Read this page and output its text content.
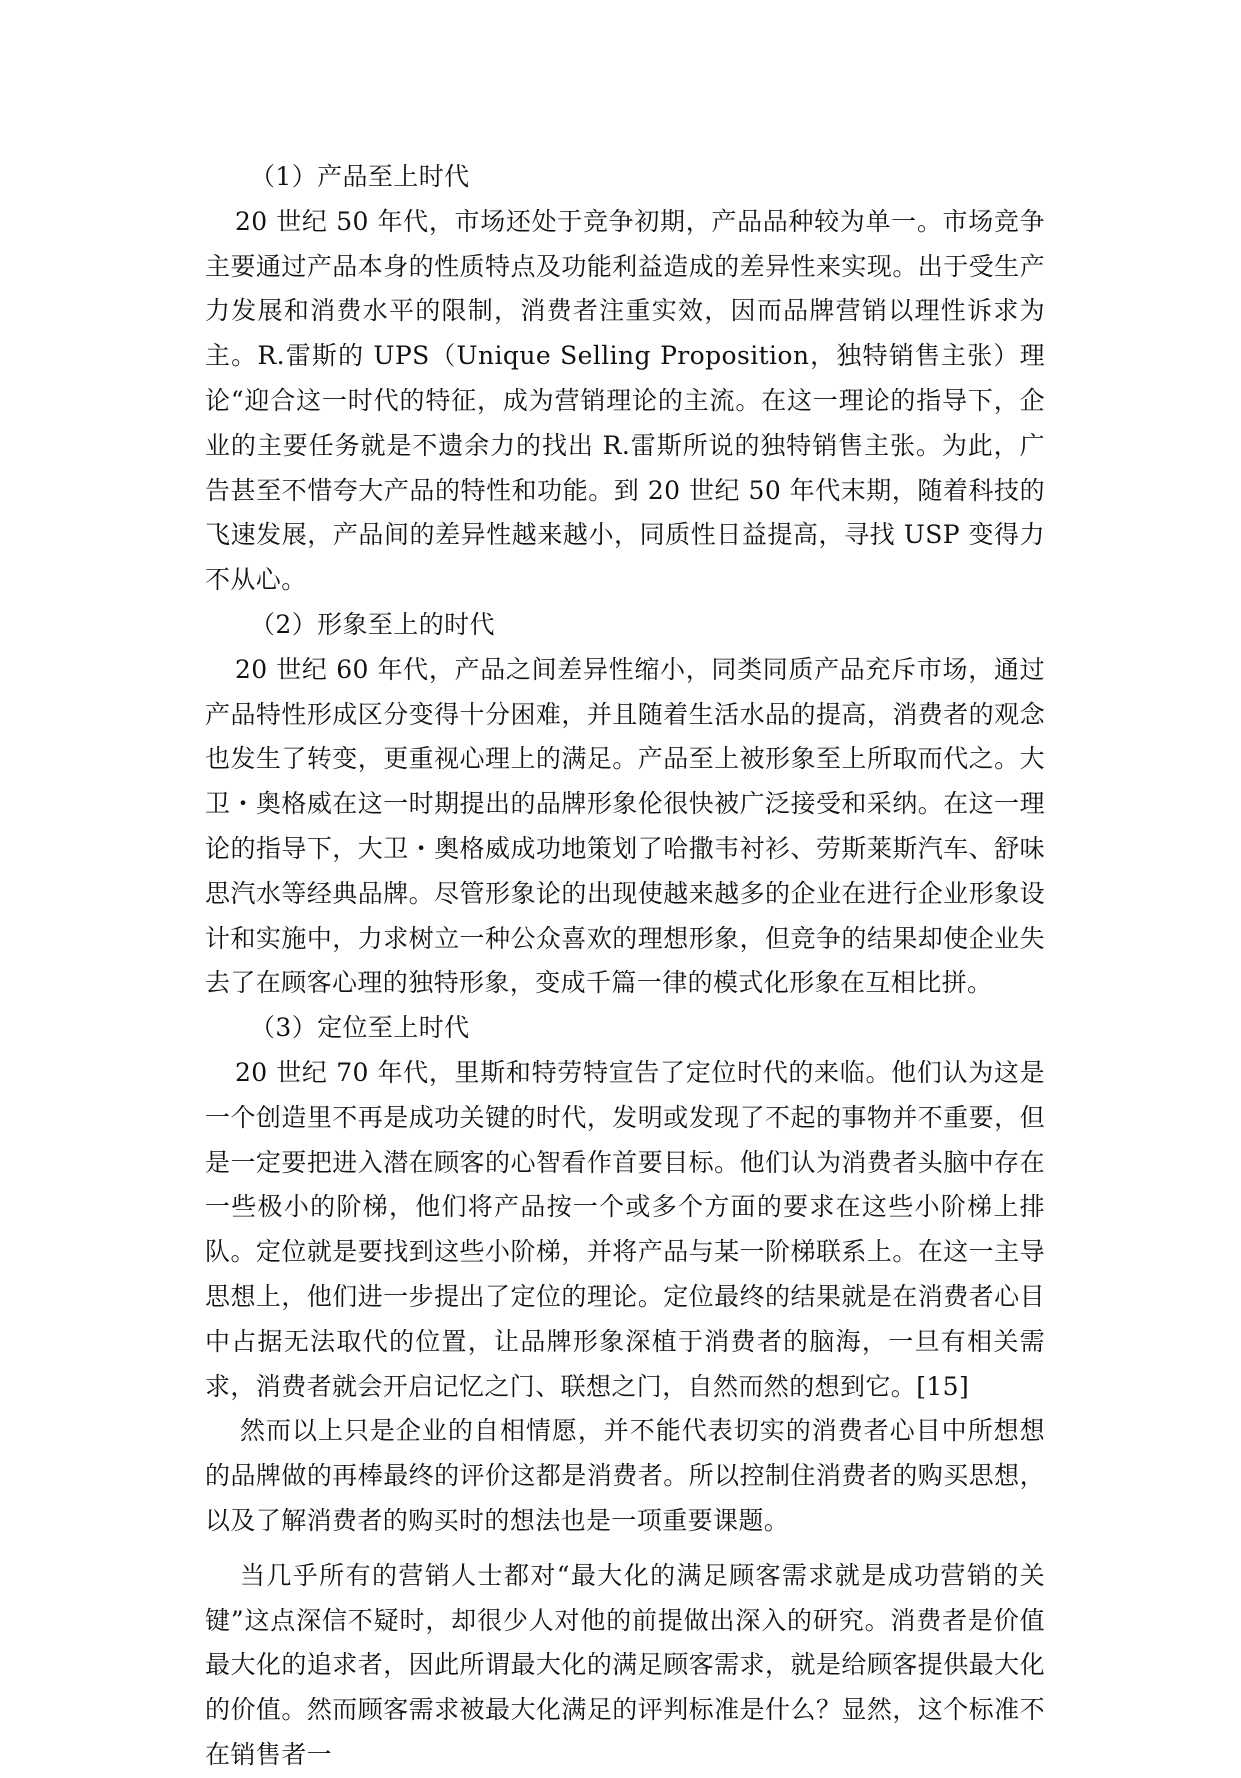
（1）产品至上时代

20 世纪 50 年代，市场还处于竞争初期，产品品种较为单一。市场竞争主要通过产品本身的性质特点及功能利益造成的差异性来实现。出于受生产力发展和消费水平的限制，消费者注重实效，因而品牌营销以理性诉求为主。R.雷斯的 UPS（Unique Selling Proposition，独特销售主张）理论“迎合这一时代的特征，成为营销理论的主流。在这一理论的指导下，企业的主要任务就是不遗余力的找出 R.雷斯所说的独特销售主张。为此，广告甚至不惜夸大产品的特性和功能。到 20 世纪 50 年代末期，随着科技的飞速发展，产品间的差异性越来越小，同质性日益提高，寻找 USP 变得力不从心。

（2）形象至上的时代

20 世纪 60 年代，产品之间差异性缩小，同类同质产品充斥市场，通过产品特性形成区分变得十分困难，并且随着生活水品的提高，消费者的观念也发生了转变，更重视心理上的满足。产品至上被形象至上所取而代之。大卫・奥格威在这一时期提出的品牌形象伦很快被广泛接受和采纳。在这一理论的指导下，大卫・奥格威成功地策划了哈撒韦衬衫、劳斯莱斯汽车、舒味思汽水等经典品牌。尽管形象论的出现使越来越多的企业在进行企业形象设计和实施中，力求树立一种公众喜欢的理想形象，但竞争的结果却使企业失去了在顾客心理的独特形象，变成千篇一律的模式化形象在互相比拼。

（3）定位至上时代

20 世纪 70 年代，里斯和特劳特宣告了定位时代的来临。他们认为这是一个创造里不再是成功关键的时代，发明或发现了不起的事物并不重要，但是一定要把进入潜在顾客的心智看作首要目标。他们认为消费者头脑中存在一些极小的阶梯，他们将产品按一个或多个方面的要求在这些小阶梯上排队。定位就是要找到这些小阶梯，并将产品与某一阶梯联系上。在这一主导思想上，他们进一步提出了定位的理论。定位最终的结果就是在消费者心目中占据无法取代的位置，让品牌形象深植于消费者的脑海，一旦有相关需求，消费者就会开启记忆之门、联想之门，自然而然的想到它。[15]

然而以上只是企业的自相情愿，并不能代表切实的消费者心目中所想想的品牌做的再棒最终的评价这都是消费者。所以控制住消费者的购买思想，以及了解消费者的购买时的想法也是一项重要课题。

当几乎所有的营销人士都对“最大化的满足顾客需求就是成功营销的关键”这点深信不疑时，却很少人对他的前提做出深入的研究。消费者是价值最大化的追求者，因此所谓最大化的满足顾客需求，就是给顾客提供最大化的价值。然而顾客需求被最大化满足的评判标准是什么？显然，这个标准不在销售者一
